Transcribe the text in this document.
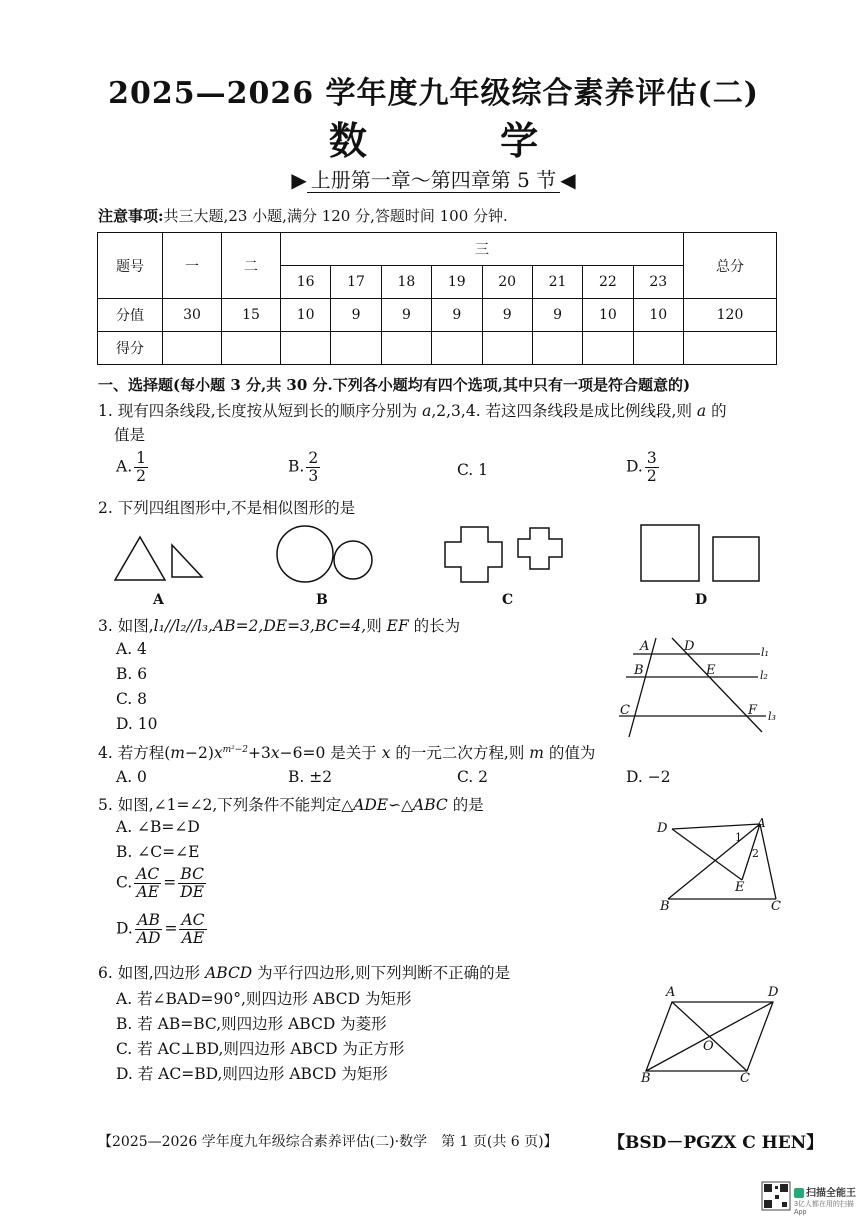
2025—2026 学年度九年级综合素养评估(二)
数 学
▶ 上册第一章～第四章第 5 节 ◀
注意事项:共三大题,23 小题,满分 120 分,答题时间 100 分钟.
题号	一	二	三								总分
			16	17	18	19	20	21	22	23	
分值	30	15	10	9	9	9	9	9	10	10	120
得分											
一、选择题(每小题 3 分,共 30 分.下列各小题均有四个选项,其中只有一项是符合题意的)
1. 现有四条线段,长度按从短到长的顺序分别为 a,2,3,4. 若这四条线段是成比例线段,则 a 的
值是
A. $\frac{1}{2}$	B. $\frac{2}{3}$	C. 1	D. $\frac{3}{2}$
2. 下列四组图形中,不是相似图形的是
A	B	C	D
3. 如图,l₁//l₂//l₃,AB=2,DE=3,BC=4,则 EF 的长为
A. 4
B. 6
C. 8
D. 10
A	D
B	E
C	F
l₁
l₂
l₃
4. 若方程$(m-2)x^{m^2-2}+3x-6=0$ 是关于 x 的一元二次方程,则 m 的值为
A. 0	B. ±2	C. 2	D. −2
5. 如图,∠1=∠2,下列条件不能判定△ADE∽△ABC 的是
A. ∠B=∠D
B. ∠C=∠E
C. $\frac{AC}{AE} = \frac{BC}{DE}$
D. $\frac{AB}{AD} = \frac{AC}{AE}$
D	A
1
2
E
B	C
6. 如图,四边形 ABCD 为平行四边形,则下列判断不正确的是
A. 若∠BAD=90°,则四边形 ABCD 为矩形
B. 若 AB=BC,则四边形 ABCD 为菱形
C. 若 AC⊥BD,则四边形 ABCD 为正方形
D. 若 AC=BD,则四边形 ABCD 为矩形
A	D
O
B	C
【2025—2026 学年度九年级综合素养评估(二)·数学　第 1 页(共 6 页)】	【BSD－PGZX C HEN】
扫描全能王
3亿人都在用的扫描App
